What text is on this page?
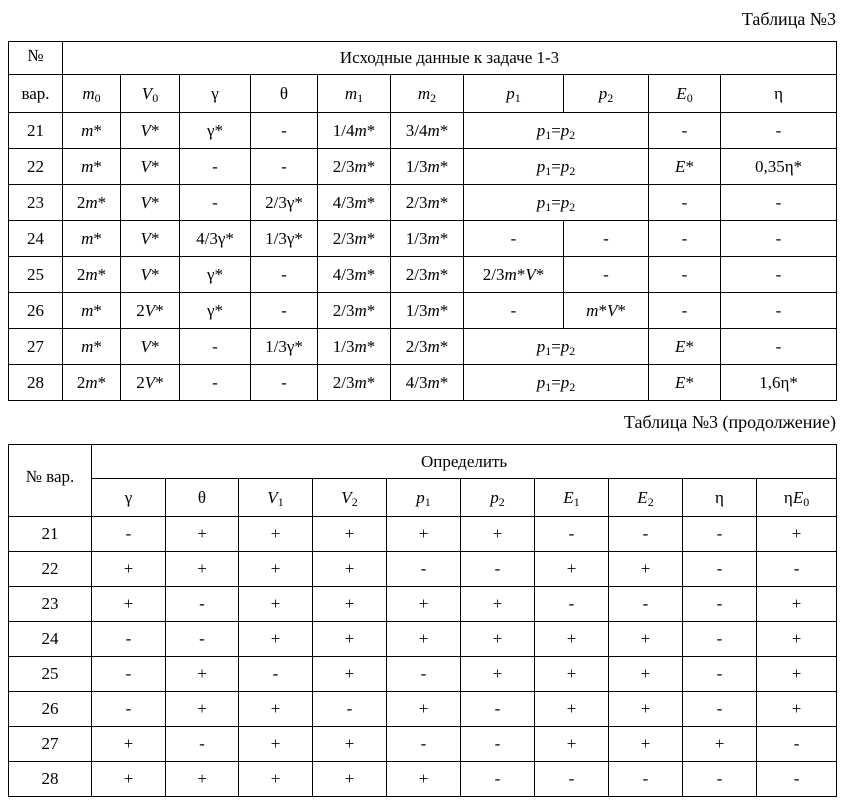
Таблица №3
№	Исходные данные к задаче 1-3									
вар.	$m_0$	$V_0$	γ	θ	$m_1$	$m_2$	$p_1$	$p_2$	$E_0$	η
21	m*	V*	γ*	-	1/4m*	3/4m*	$p_1=p_2$		-	-
22	m*	V*	-	-	2/3m*	1/3m*	$p_1=p_2$		E*	0,35η*
23	2m*	V*	-	2/3γ*	4/3m*	2/3m*	$p_1=p_2$		-	-
24	m*	V*	4/3γ*	1/3γ*	2/3m*	1/3m*	-	-	-	-
25	2m*	V*	γ*	-	4/3m*	2/3m*	2/3m*V*	-	-	-
26	m*	2V*	γ*	-	2/3m*	1/3m*	-	m*V*	-	-
27	m*	V*	-	1/3γ*	1/3m*	2/3m*	$p_1=p_2$		E*	-
28	2m*	2V*	-	-	2/3m*	4/3m*	$p_1=p_2$		E*	1,6η*
Таблица №3 (продолжение)
№ вар.	Определить									
	γ	θ	$V_1$	$V_2$	$p_1$	$p_2$	$E_1$	$E_2$	η	$\eta E_0$
21	-	+	+	+	+	+	-	-	-	+
22	+	+	+	+	-	-	+	+	-	-
23	+	-	+	+	+	+	-	-	-	+
24	-	-	+	+	+	+	+	+	-	+
25	-	+	-	+	-	+	+	+	-	+
26	-	+	+	-	+	-	+	+	-	+
27	+	-	+	+	-	-	+	+	+	-
28	+	+	+	+	+	-	-	-	-	-
